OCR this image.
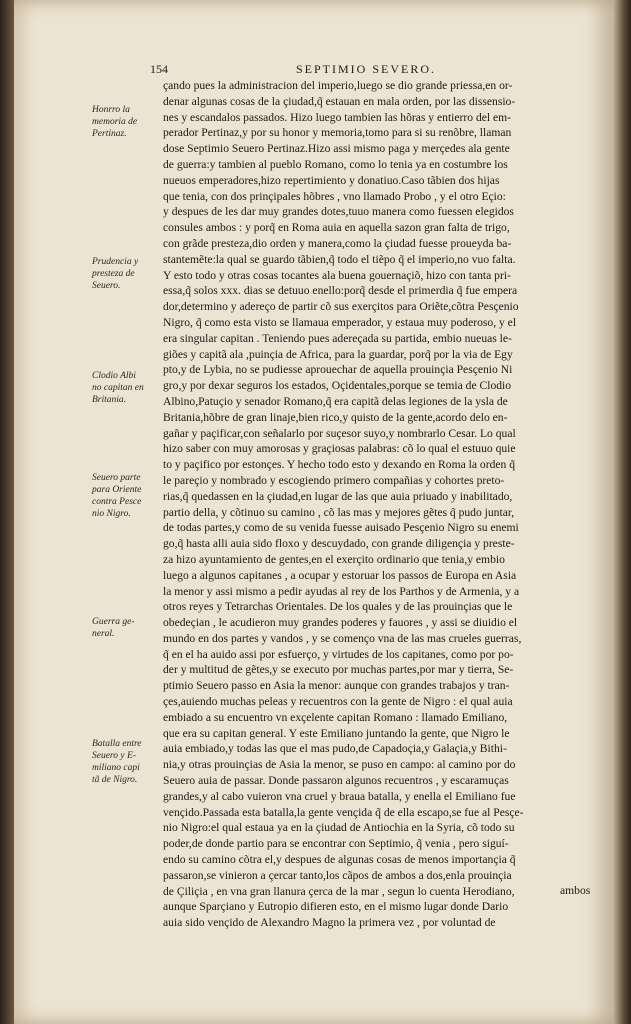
154	SEPTIMIO SEVERO.
Honrro la
memoria de
Pertinaz.
Prudencia y
presteza de
Seuero.
Clodio Albi
no capitan en
Britania.
Seuero parte
para Oriente
contra Pesce
nio Nigro.
Guerra ge-
neral.
Batalla entre
Seuero y E-
miliano capi
tã de Nigro.

çando pues la administracion del imperio,luego se dio grande priessa,en or-
denar algunas cosas de la çiudad,q̃ estauan en mala orden, por las dissensio-
nes y escandalos passados. Hizo luego tambien las hõras y entierro del em-
perador Pertinaz,y por su honor y memoria,tomo para si su renõbre, llaman
dose Septimio Seuero Pertinaz.Hizo assi mismo paga y merçedes ala gente
de guerra:y tambien al pueblo Romano, como lo tenia ya en costumbre los
nueuos emperadores,hizo repertimiento y donatiuo.Caso tãbien dos hijas
que tenia, con dos prinçipales hõbres , vno llamado Probo , y el otro Eçio:
y despues de les dar muy grandes dotes,tuuo manera como fuessen elegidos
consules ambos : y porq̃ en Roma auia en aquella sazon gran falta de trigo,
con grãde presteza,dio orden y manera,como la çiudad fuesse proueyda ba-
stantemẽte:la qual se guardo tãbien,q̃ todo el tiẽpo q̃ el imperio,no vuo falta.
Y esto todo y otras cosas tocantes ala buena gouernaçiõ, hizo con tanta pri-
essa,q̃ solos xxx. dias se detuuo enello:porq̃ desde el primerdia q̃ fue empera
dor,determino y adereço de partir cõ sus exerçitos para Oriẽte,cõtra Pesçenio
Nigro, q̃ como esta visto se llamaua emperador, y estaua muy poderoso, y el
era singular capitan . Teniendo pues adereçada su partida, embio nueuas le-
giões y capitã ala ,puinçia de Africa, para la guardar, porq̃ por la via de Egy
pto,y de Lybia, no se pudiesse aprouechar de aquella prouinçia Pesçenio Ni
gro,y por dexar seguros los estados, Oçidentales,porque se temia de Clodio
Albino,Patuçio y senador Romano,q̃ era capitã delas legiones de la ysla de
Britania,hõbre de gran linaje,bien rico,y quisto de la gente,acordo delo en-
gañar y paçificar,con señalarlo por suçesor suyo,y nombrarlo Cesar. Lo qual
hizo saber con muy amorosas y graçiosas palabras: cõ lo qual el estuuo quie
to y paçifico por estonçes. Y hecho todo esto y dexando en Roma la orden q̃
le pareçio y nombrado y escogiendo primero compañias y cohortes preto-
rias,q̃ quedassen en la çiudad,en lugar de las que auia priuado y inabilitado,
partio della, y cõtinuo su camino , cõ las mas y mejores gẽtes q̃ pudo juntar,
de todas partes,y como de su venida fuesse auisado Pesçenio Nigro su enemi
go,q̃ hasta alli auia sido floxo y descuydado, con grande diligençia y preste-
za hizo ayuntamiento de gentes,en el exerçito ordinario que tenia,y embio
luego a algunos capitanes , a ocupar y estoruar los passos de Europa en Asia
la menor y assi mismo a pedir ayudas al rey de los Parthos y de Armenia, y a
otros reyes y Tetrarchas Orientales. De los quales y de las prouinçias que le
obedeçian , le acudieron muy grandes poderes y fauores , y assi se diuidio el
mundo en dos partes y vandos , y se començo vna de las mas crueles guerras,
q̃ en el ha auido assi por esfuerço, y virtudes de los capitanes, como por po-
der y multitud de gẽtes,y se executo por muchas partes,por mar y tierra, Se-
ptimio Seuero passo en Asia la menor: aunque con grandes trabajos y tran-
çes,auiendo muchas peleas y recuentros con la gente de Nigro : el qual auia
embiado a su encuentro vn exçelente capitan Romano : llamado Emiliano,
que era su capitan general. Y este Emiliano juntando la gente, que Nigro le
auia embiado,y todas las que el mas pudo,de Capadoçia,y Galaçia,y Bithi-
nia,y otras prouinçias de Asia la menor, se puso en campo: al camino por do
Seuero auia de passar. Donde passaron algunos recuentros , y escaramuças
grandes,y al cabo vuieron vna cruel y braua batalla, y enella el Emiliano fue
vençido.Passada esta batalla,la gente vençida q̃ de ella escapo,se fue al Pesçe-
nio Nigro:el qual estaua ya en la çiudad de Antiochia en la Syria, cõ todo su
poder,de donde partio para se encontrar con Septimio, q̃ venia , pero siguí-
endo su camino cõtra el,y despues de algunas cosas de menos importançia q̃
passaron,se vinieron a çercar tanto,los cãpos de ambos a dos,enla prouinçia
de Çiliçia , en vna gran llanura çerca de la mar , segun lo cuenta Herodiano,
aunque Sparçiano y Eutropio difieren esto, en el mismo lugar donde Dario
auia sido vençido de Alexandro Magno la primera vez , por voluntad de

ambos
